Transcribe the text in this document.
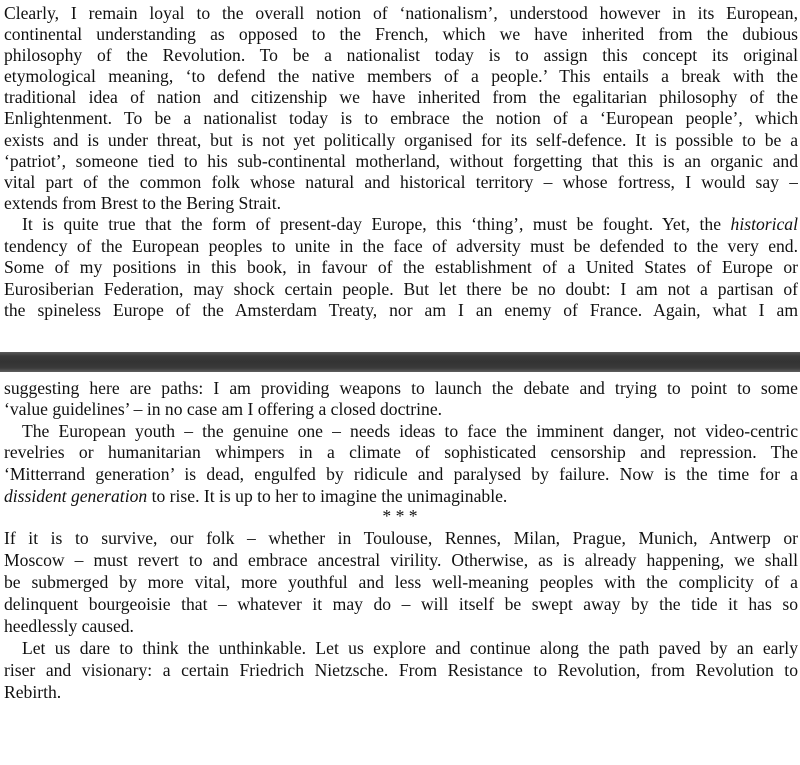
Clearly, I remain loyal to the overall notion of ‘nationalism’, understood however in its European,
continental understanding as opposed to the French, which we have inherited from the dubious
philosophy of the Revolution. To be a nationalist today is to assign this concept its original
etymological meaning, ‘to defend the native members of a people.’ This entails a break with the
traditional idea of nation and citizenship we have inherited from the egalitarian philosophy of the
Enlightenment. To be a nationalist today is to embrace the notion of a ‘European people’, which
exists and is under threat, but is not yet politically organised for its self-defence. It is possible to be a
‘patriot’, someone tied to his sub-continental motherland, without forgetting that this is an organic and
vital part of the common folk whose natural and historical territory – whose fortress, I would say –
extends from Brest to the Bering Strait.
It is quite true that the form of present-day Europe, this ‘thing’, must be fought. Yet, the historical
tendency of the European peoples to unite in the face of adversity must be defended to the very end.
Some of my positions in this book, in favour of the establishment of a United States of Europe or
Eurosiberian Federation, may shock certain people. But let there be no doubt: I am not a partisan of
the spineless Europe of the Amsterdam Treaty, nor am I an enemy of France. Again, what I am
suggesting here are paths: I am providing weapons to launch the debate and trying to point to some
‘value guidelines’ – in no case am I offering a closed doctrine.
The European youth – the genuine one – needs ideas to face the imminent danger, not video-centric
revelries or humanitarian whimpers in a climate of sophisticated censorship and repression. The
‘Mitterrand generation’ is dead, engulfed by ridicule and paralysed by failure. Now is the time for a
dissident generation to rise. It is up to her to imagine the unimaginable.
* * *
If it is to survive, our folk – whether in Toulouse, Rennes, Milan, Prague, Munich, Antwerp or
Moscow – must revert to and embrace ancestral virility. Otherwise, as is already happening, we shall
be submerged by more vital, more youthful and less well-meaning peoples with the complicity of a
delinquent bourgeoisie that – whatever it may do – will itself be swept away by the tide it has so
heedlessly caused.
Let us dare to think the unthinkable. Let us explore and continue along the path paved by an early
riser and visionary: a certain Friedrich Nietzsche. From Resistance to Revolution, from Revolution to
Rebirth.
